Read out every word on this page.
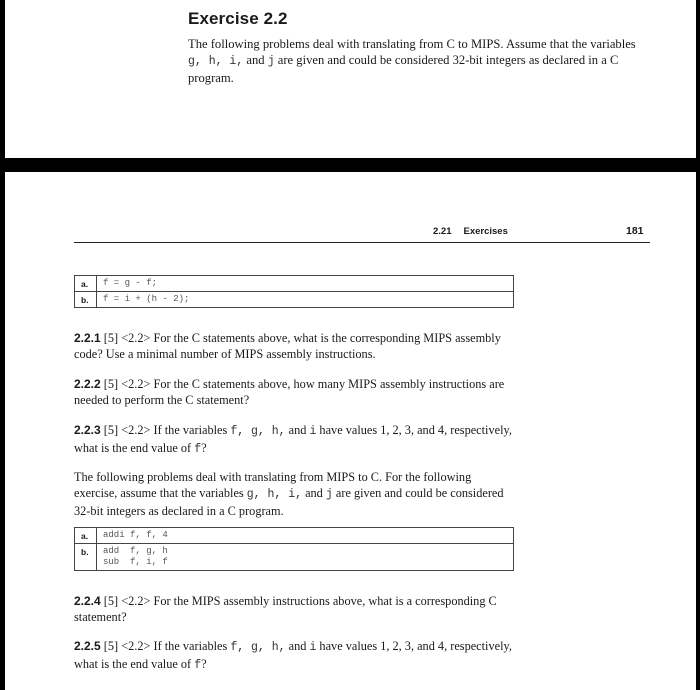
Exercise 2.2
The following problems deal with translating from C to MIPS. Assume that the variables g, h, i, and j are given and could be considered 32-bit integers as declared in a C program.
2.21 Exercises	181
a.	f = g - f;

b.	f = i + (h - 2);
2.2.1 [5] <2.2> For the C statements above, what is the corresponding MIPS assembly code? Use a minimal number of MIPS assembly instructions.
2.2.2 [5] <2.2> For the C statements above, how many MIPS assembly instructions are needed to perform the C statement?
2.2.3 [5] <2.2> If the variables f, g, h, and i have values 1, 2, 3, and 4, respectively, what is the end value of f?
The following problems deal with translating from MIPS to C. For the following exercise, assume that the variables g, h, i, and j are given and could be considered 32-bit integers as declared in a C program.
a.	addi f, f, 4

b.	add  f, g, h
sub  f, i, f
2.2.4 [5] <2.2> For the MIPS assembly instructions above, what is a corresponding C statement?
2.2.5 [5] <2.2> If the variables f, g, h, and i have values 1, 2, 3, and 4, respectively, what is the end value of f?
